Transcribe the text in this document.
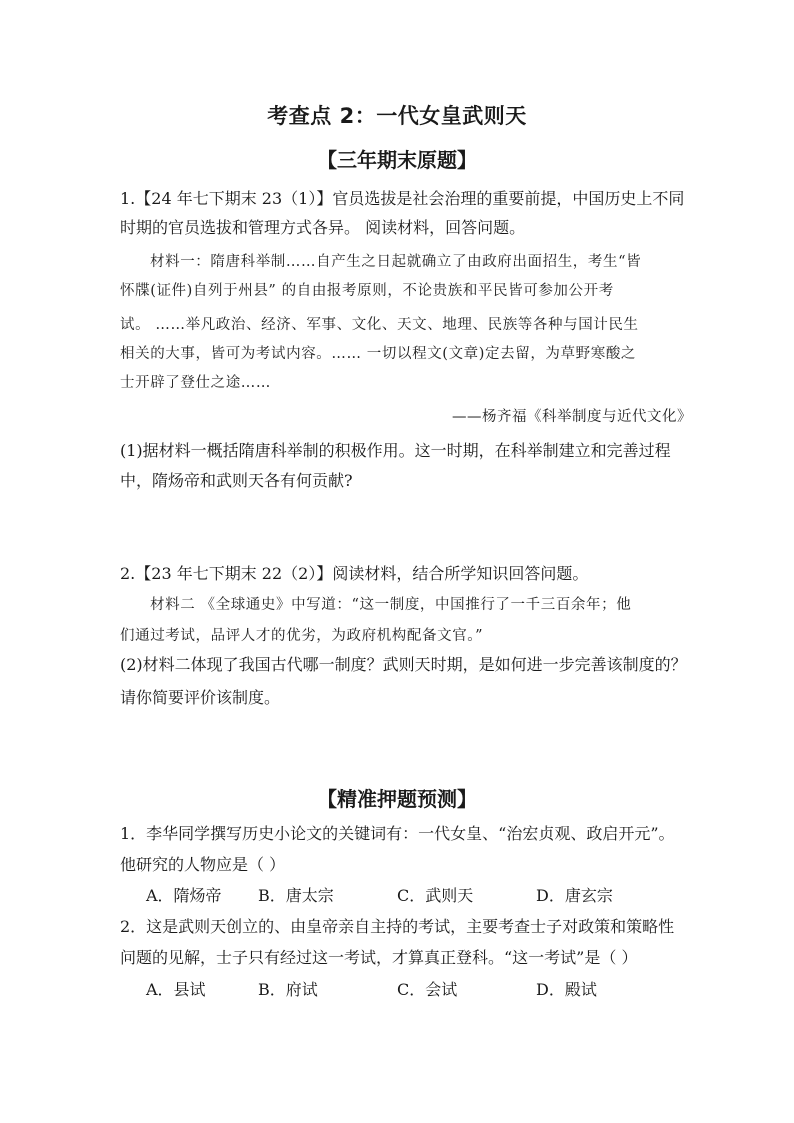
考查点 2：一代女皇武则天
【三年期末原题】
1.【24 年七下期末 23（1）】官员选拔是社会治理的重要前提，中国历史上不同
时期的官员选拔和管理方式各异。 阅读材料，回答问题。
材料一：隋唐科举制……自产生之日起就确立了由政府出面招生，考生“皆
怀牒(证件)自列于州县” 的自由报考原则，不论贵族和平民皆可参加公开考
试。 ……举凡政治、经济、军事、文化、天文、地理、民族等各种与国计民生
相关的大事，皆可为考试内容。…… 一切以程文(文章)定去留，为草野寒酸之
士开辟了登仕之途……
——杨齐福《科举制度与近代文化》
(1)据材料一概括隋唐科举制的积极作用。这一时期，在科举制建立和完善过程
中，隋炀帝和武则天各有何贡献?
2.【23 年七下期末 22（2）】阅读材料，结合所学知识回答问题。
材料二 《全球通史》中写道：“这一制度，中国推行了一千三百余年；他
们通过考试，品评人才的优劣，为政府机构配备文官。”
(2)材料二体现了我国古代哪一制度？武则天时期，是如何进一步完善该制度的？
请你简要评价该制度。
【精准押题预测】
1．李华同学撰写历史小论文的关键词有：一代女皇、“治宏贞观、政启开元”。
他研究的人物应是（ ）
A．隋炀帝 B．唐太宗	C．武则天	D．唐玄宗
2．这是武则天创立的、由皇帝亲自主持的考试，主要考查士子对政策和策略性
问题的见解，士子只有经过这一考试，才算真正登科。“这一考试”是（ ）
A．县试	B．府试	C．会试	D．殿试
